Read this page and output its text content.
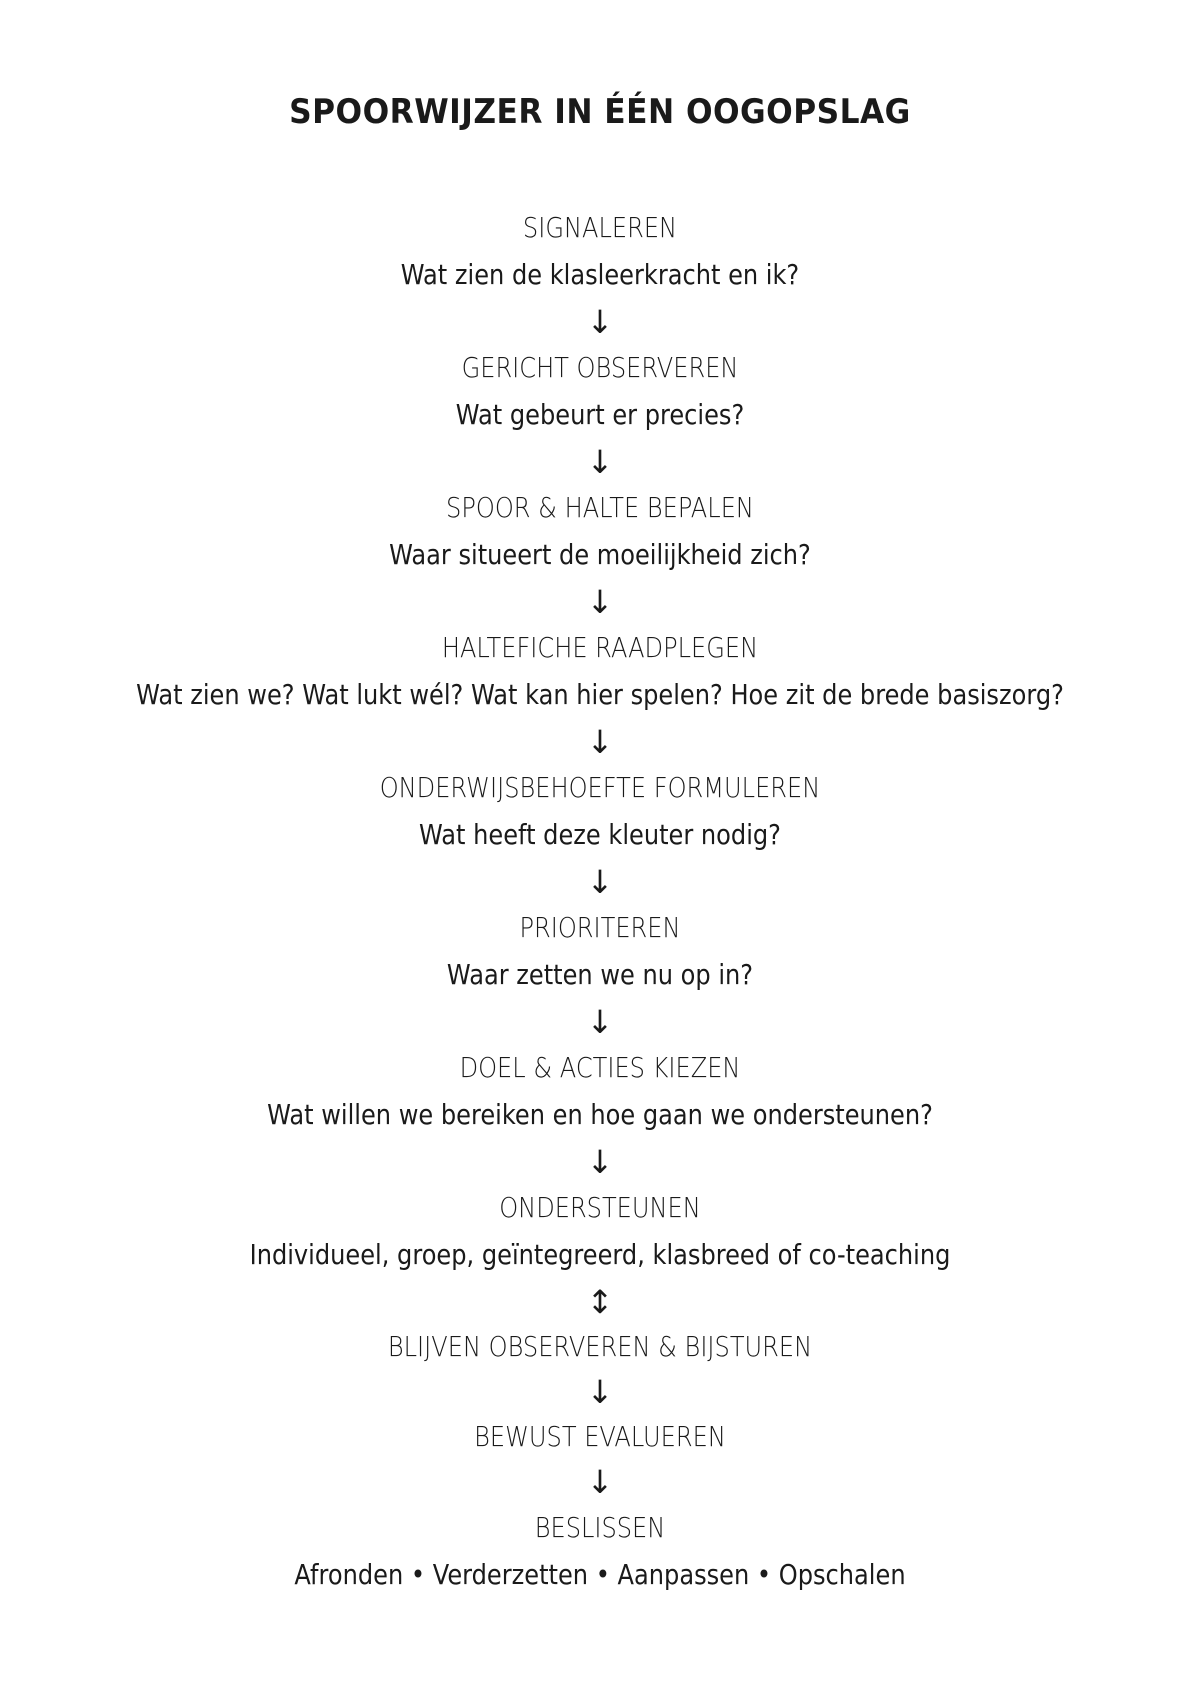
SPOORWIJZER IN ÉÉN OOGOPSLAG
SIGNALEREN
Wat zien de klasleerkracht en ik?
↓
GERICHT OBSERVEREN
Wat gebeurt er precies?
↓
SPOOR & HALTE BEPALEN
Waar situeert de moeilijkheid zich?
↓
HALTEFICHE RAADPLEGEN
Wat zien we? Wat lukt wél? Wat kan hier spelen? Hoe zit de brede basiszorg?
↓
ONDERWIJSBEHOEFTE FORMULEREN
Wat heeft deze kleuter nodig?
↓
PRIORITEREN
Waar zetten we nu op in?
↓
DOEL & ACTIES KIEZEN
Wat willen we bereiken en hoe gaan we ondersteunen?
↓
ONDERSTEUNEN
Individueel, groep, geïntegreerd, klasbreed of co-teaching
↕
BLIJVEN OBSERVEREN & BIJSTUREN
↓
BEWUST EVALUEREN
↓
BESLISSEN
Afronden • Verderzetten • Aanpassen • Opschalen
